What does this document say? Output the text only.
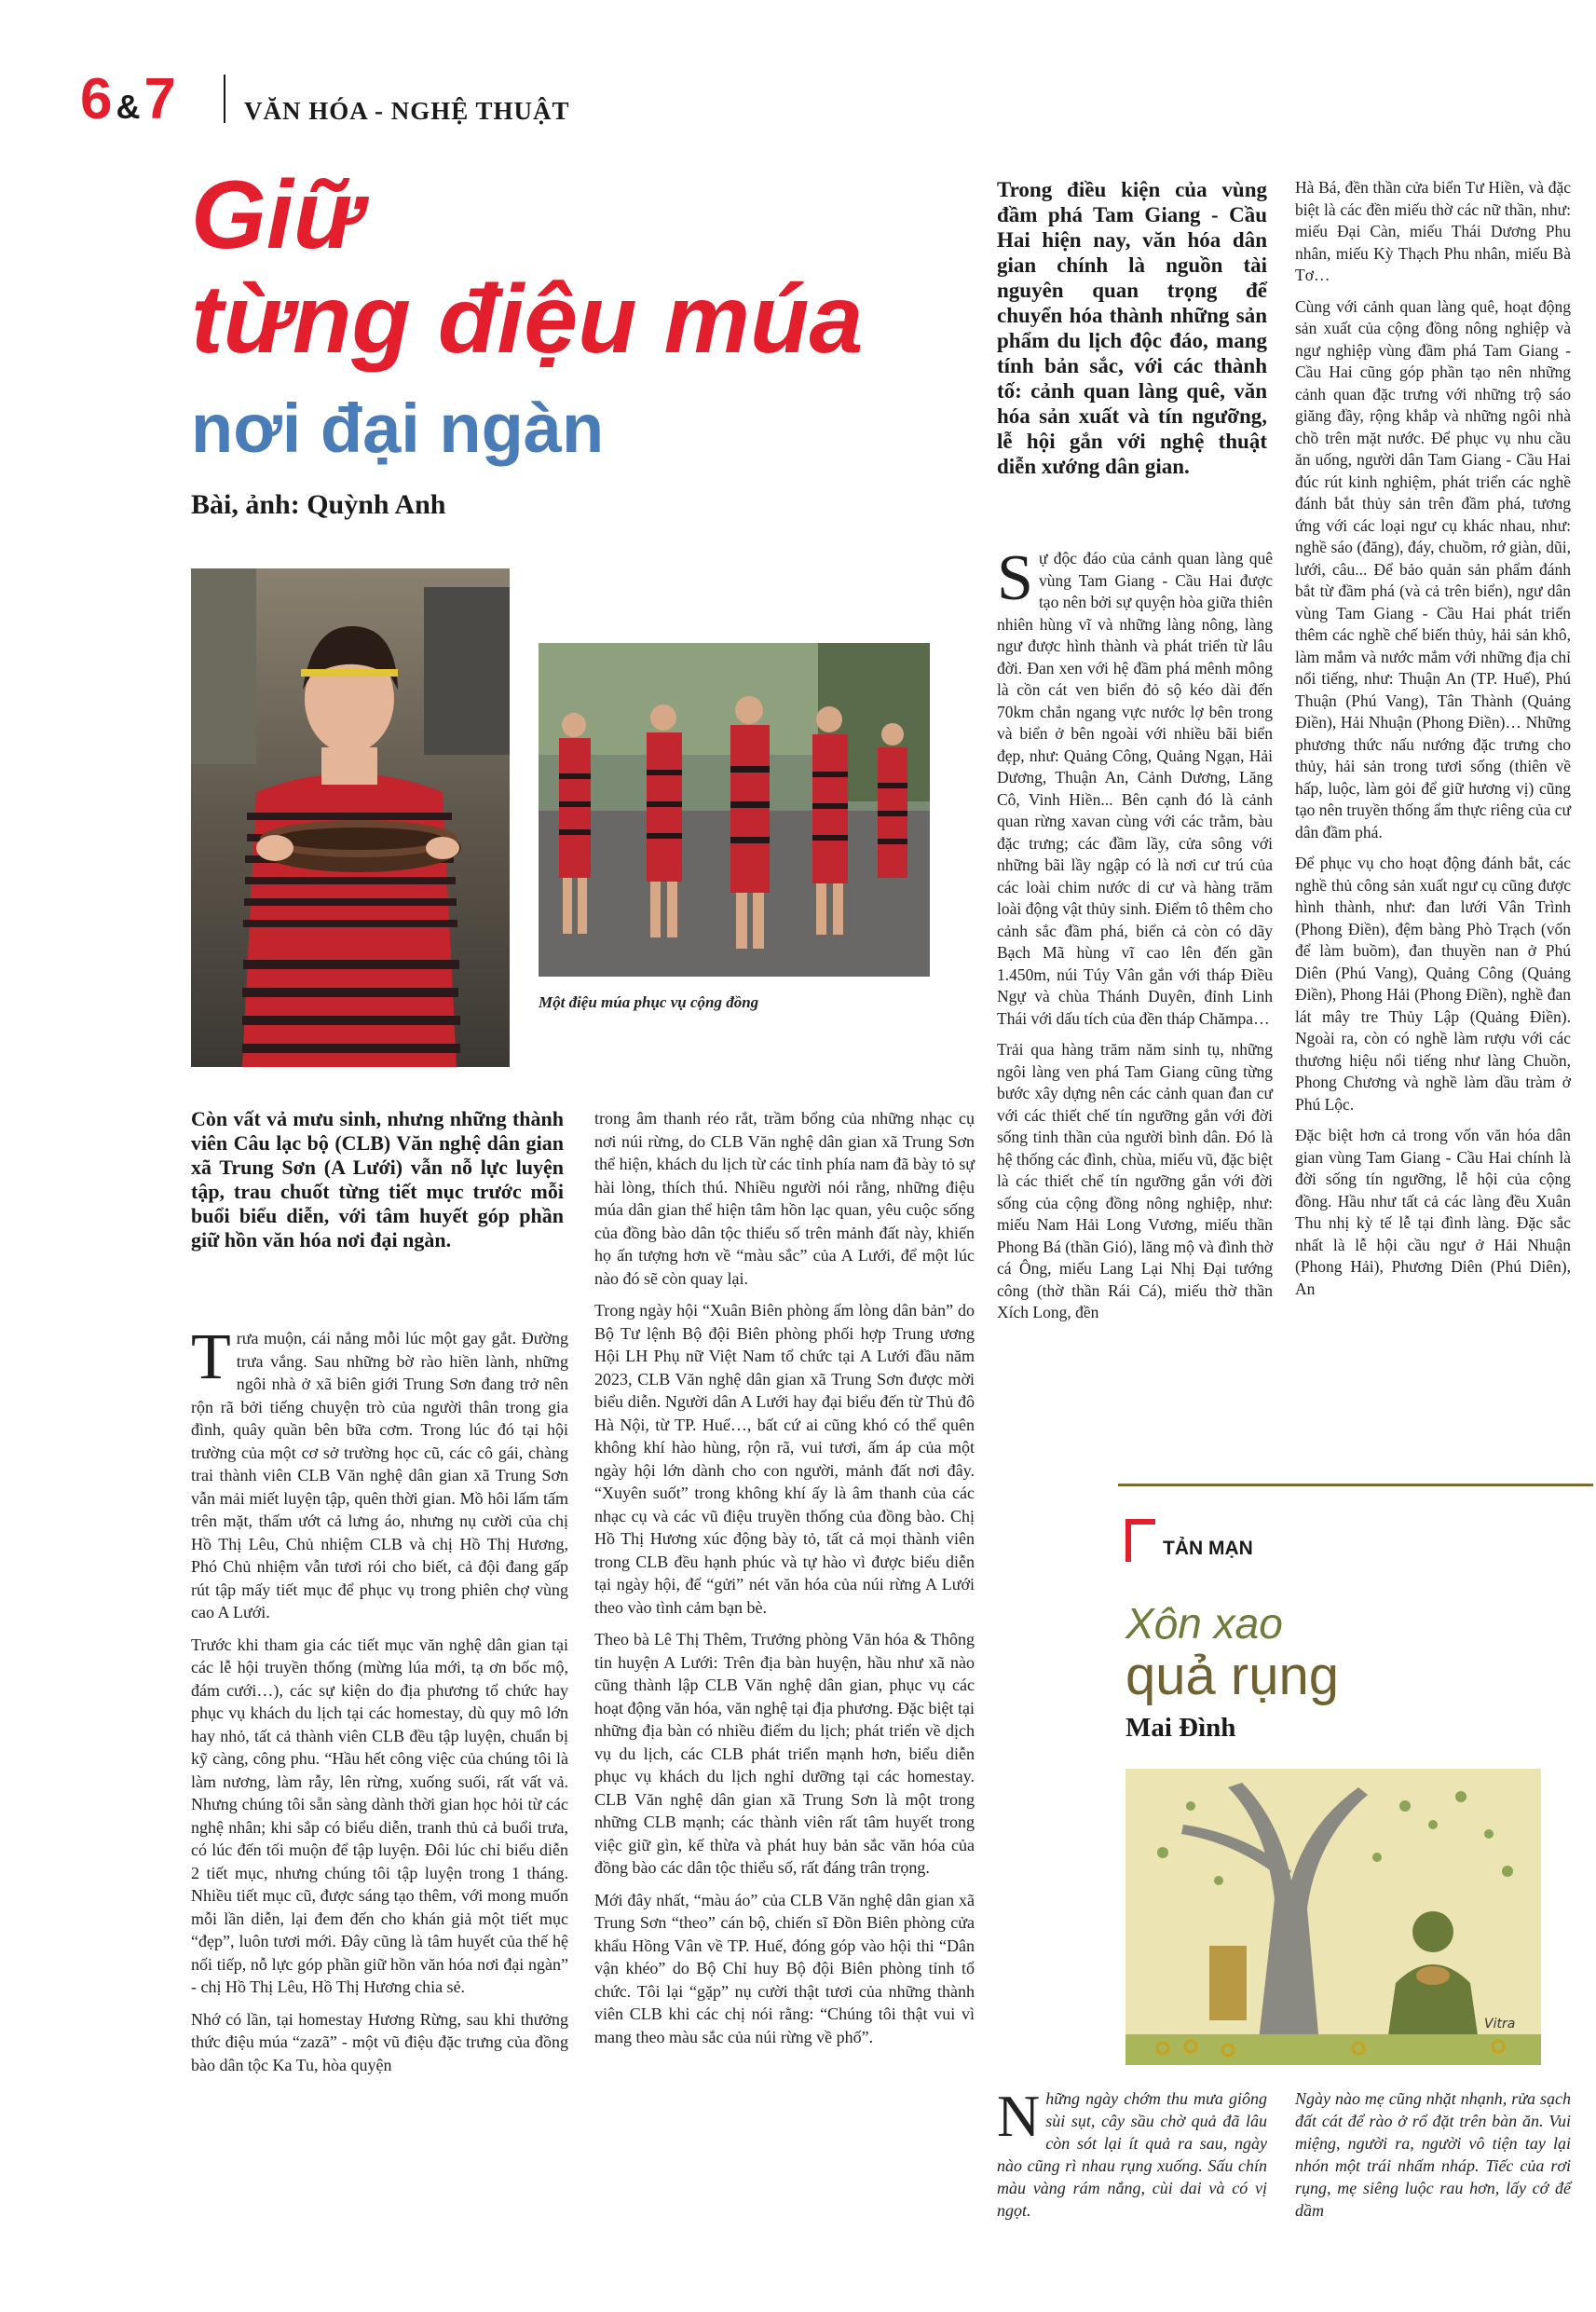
6 &7	VĂN HÓA - NGHỆ THUẬT
Giữ
từng điệu múa
nơi đại ngàn
Bài, ảnh: Quỳnh Anh
Một điệu múa phục vụ cộng đồng
Còn vất vả mưu sinh, nhưng những thành viên Câu lạc bộ (CLB) Văn nghệ dân gian xã Trung Sơn (A Lưới) vẫn nỗ lực luyện tập, trau chuốt từng tiết mục trước mỗi buổi biểu diễn, với tâm huyết góp phần giữ hồn văn hóa nơi đại ngàn.

Trưa muộn, cái nắng mỗi lúc một gay gắt. Đường trưa vắng. Sau những bờ rào hiền lành, những ngôi nhà ở xã biên giới Trung Sơn đang trở nên rộn rã bởi tiếng chuyện trò của người thân trong gia đình, quây quần bên bữa cơm. Trong lúc đó tại hội trường của một cơ sở trường học cũ, các cô gái, chàng trai thành viên CLB Văn nghệ dân gian xã Trung Sơn vẫn mải miết luyện tập, quên thời gian. Mồ hôi lấm tấm trên mặt, thấm ướt cả lưng áo, nhưng nụ cười của chị Hồ Thị Lêu, Chủ nhiệm CLB và chị Hồ Thị Hương, Phó Chủ nhiệm vẫn tươi rói cho biết, cả đội đang gấp rút tập mấy tiết mục để phục vụ trong phiên chợ vùng cao A Lưới.

Trước khi tham gia các tiết mục văn nghệ dân gian tại các lễ hội truyền thống (mừng lúa mới, tạ ơn bốc mộ, đám cưới…), các sự kiện do địa phương tổ chức hay phục vụ khách du lịch tại các homestay, dù quy mô lớn hay nhỏ, tất cả thành viên CLB đều tập luyện, chuẩn bị kỹ càng, công phu. “Hầu hết công việc của chúng tôi là làm nương, làm rẫy, lên rừng, xuống suối, rất vất vả. Nhưng chúng tôi sẵn sàng dành thời gian học hỏi từ các nghệ nhân; khi sắp có biểu diễn, tranh thủ cả buổi trưa, có lúc đến tối muộn để tập luyện. Đôi lúc chỉ biểu diễn 2 tiết mục, nhưng chúng tôi tập luyện trong 1 tháng. Nhiều tiết mục cũ, được sáng tạo thêm, với mong muốn mỗi lần diễn, lại đem đến cho khán giả một tiết mục “đẹp”, luôn tươi mới. Đây cũng là tâm huyết của thế hệ nối tiếp, nỗ lực góp phần giữ hồn văn hóa nơi đại ngàn” - chị Hồ Thị Lêu, Hồ Thị Hương chia sẻ.

Nhớ có lần, tại homestay Hương Rừng, sau khi thưởng thức điệu múa “zazã” - một vũ điệu đặc trưng của đồng bào dân tộc Ka Tu, hòa quyện

trong âm thanh réo rắt, trầm bổng của những nhạc cụ nơi núi rừng, do CLB Văn nghệ dân gian xã Trung Sơn thể hiện, khách du lịch từ các tỉnh phía nam đã bày tỏ sự hài lòng, thích thú. Nhiều người nói rằng, những điệu múa dân gian thể hiện tâm hồn lạc quan, yêu cuộc sống của đồng bào dân tộc thiểu số trên mảnh đất này, khiến họ ấn tượng hơn về “màu sắc” của A Lưới, để một lúc nào đó sẽ còn quay lại.

Trong ngày hội “Xuân Biên phòng ấm lòng dân bản” do Bộ Tư lệnh Bộ đội Biên phòng phối hợp Trung ương Hội LH Phụ nữ Việt Nam tổ chức tại A Lưới đầu năm 2023, CLB Văn nghệ dân gian xã Trung Sơn được mời biểu diễn. Người dân A Lưới hay đại biểu đến từ Thủ đô Hà Nội, từ TP. Huế…, bất cứ ai cũng khó có thể quên không khí hào hùng, rộn rã, vui tươi, ấm áp của một ngày hội lớn dành cho con người, mảnh đất nơi đây. “Xuyên suốt” trong không khí ấy là âm thanh của các nhạc cụ và các vũ điệu truyền thống của đồng bào. Chị Hồ Thị Hương xúc động bày tỏ, tất cả mọi thành viên trong CLB đều hạnh phúc và tự hào vì được biểu diễn tại ngày hội, để “gửi” nét văn hóa của núi rừng A Lưới theo vào tình cảm bạn bè.

Theo bà Lê Thị Thêm, Trưởng phòng Văn hóa & Thông tin huyện A Lưới: Trên địa bàn huyện, hầu như xã nào cũng thành lập CLB Văn nghệ dân gian, phục vụ các hoạt động văn hóa, văn nghệ tại địa phương. Đặc biệt tại những địa bàn có nhiều điểm du lịch; phát triển về dịch vụ du lịch, các CLB phát triển mạnh hơn, biểu diễn phục vụ khách du lịch nghỉ dưỡng tại các homestay. CLB Văn nghệ dân gian xã Trung Sơn là một trong những CLB mạnh; các thành viên rất tâm huyết trong việc giữ gìn, kế thừa và phát huy bản sắc văn hóa của đồng bào các dân tộc thiểu số, rất đáng trân trọng.

Mới đây nhất, “màu áo” của CLB Văn nghệ dân gian xã Trung Sơn “theo” cán bộ, chiến sĩ Đồn Biên phòng cửa khẩu Hồng Vân về TP. Huế, đóng góp vào hội thi “Dân vận khéo” do Bộ Chỉ huy Bộ đội Biên phòng tỉnh tổ chức. Tôi lại “gặp” nụ cười thật tươi của những thành viên CLB khi các chị nói rằng: “Chúng tôi thật vui vì mang theo màu sắc của núi rừng về phố”.

Trong điều kiện của vùng đầm phá Tam Giang - Cầu Hai hiện nay, văn hóa dân gian chính là nguồn tài nguyên quan trọng để chuyển hóa thành những sản phẩm du lịch độc đáo, mang tính bản sắc, với các thành tố: cảnh quan làng quê, văn hóa sản xuất và tín ngưỡng, lễ hội gắn với nghệ thuật diễn xướng dân gian.

Sự độc đáo của cảnh quan làng quê vùng Tam Giang - Cầu Hai được tạo nên bởi sự quyện hòa giữa thiên nhiên hùng vĩ và những làng nông, làng ngư được hình thành và phát triển từ lâu đời. Đan xen với hệ đầm phá mênh mông là cồn cát ven biển đỏ sộ kéo dài đến 70km chắn ngang vực nước lợ bên trong và biển ở bên ngoài với nhiều bãi biển đẹp, như: Quảng Công, Quảng Ngạn, Hải Dương, Thuận An, Cảnh Dương, Lăng Cô, Vinh Hiền... Bên cạnh đó là cảnh quan rừng xavan cùng với các trằm, bàu đặc trưng; các đầm lầy, cửa sông với những bãi lầy ngập có là nơi cư trú của các loài chim nước di cư và hàng trăm loài động vật thủy sinh. Điểm tô thêm cho cảnh sắc đầm phá, biển cả còn có dãy Bạch Mã hùng vĩ cao lên đến gần 1.450m, núi Túy Vân gắn với tháp Điều Ngự và chùa Thánh Duyên, đỉnh Linh Thái với dấu tích của đền tháp Chămpa…

Trải qua hàng trăm năm sinh tụ, những ngôi làng ven phá Tam Giang cũng từng bước xây dựng nên các cảnh quan đan cư với các thiết chế tín ngưỡng gắn với đời sống tinh thần của người bình dân. Đó là hệ thống các đình, chùa, miếu vũ, đặc biệt là các thiết chế tín ngưỡng gắn với đời sống của cộng đồng nông nghiệp, như: miếu Nam Hải Long Vương, miếu thần Phong Bá (thần Gió), lăng mộ và đình thờ cá Ông, miếu Lang Lại Nhị Đại tướng công (thờ thần Rái Cá), miếu thờ thần Xích Long, đền

Hà Bá, đền thần cửa biển Tư Hiền, và đặc biệt là các đền miếu thờ các nữ thần, như: miếu Đại Càn, miếu Thái Dương Phu nhân, miếu Kỳ Thạch Phu nhân, miếu Bà Tơ…

Cùng với cảnh quan làng quê, hoạt động sản xuất của cộng đồng nông nghiệp và ngư nghiệp vùng đầm phá Tam Giang - Cầu Hai cũng góp phần tạo nên những cảnh quan đặc trưng với những trộ sáo giăng đầy, rộng khắp và những ngôi nhà chồ trên mặt nước. Để phục vụ nhu cầu ăn uống, người dân Tam Giang - Cầu Hai đúc rút kinh nghiệm, phát triển các nghề đánh bắt thủy sản trên đầm phá, tương ứng với các loại ngư cụ khác nhau, như: nghề sáo (đăng), đáy, chuồm, rớ giàn, dũi, lưới, câu... Để bảo quản sản phẩm đánh bắt từ đầm phá (và cả trên biển), ngư dân vùng Tam Giang - Cầu Hai phát triển thêm các nghề chế biến thủy, hải sản khô, làm mắm và nước mắm với những địa chỉ nổi tiếng, như: Thuận An (TP. Huế), Phú Thuận (Phú Vang), Tân Thành (Quảng Điền), Hải Nhuận (Phong Điền)… Những phương thức nấu nướng đặc trưng cho thủy, hải sản trong tươi sống (thiên về hấp, luộc, làm gỏi để giữ hương vị) cũng tạo nên truyền thống ẩm thực riêng của cư dân đầm phá.

Để phục vụ cho hoạt động đánh bắt, các nghề thủ công sản xuất ngư cụ cũng được hình thành, như: đan lưới Vân Trình (Phong Điền), đệm bàng Phò Trạch (vốn để làm buồm), đan thuyền nan ở Phú Diên (Phú Vang), Quảng Công (Quảng Điền), Phong Hải (Phong Điền), nghề đan lát mây tre Thủy Lập (Quảng Điền). Ngoài ra, còn có nghề làm rượu với các thương hiệu nổi tiếng như làng Chuồn, Phong Chương và nghề làm dầu tràm ở Phú Lộc.

Đặc biệt hơn cả trong vốn văn hóa dân gian vùng Tam Giang - Cầu Hai chính là đời sống tín ngưỡng, lễ hội của cộng đồng. Hầu như tất cả các làng đều Xuân Thu nhị kỳ tế lễ tại đình làng. Đặc sắc nhất là lễ hội cầu ngư ở Hải Nhuận (Phong Hải), Phương Diên (Phú Diên), An

TẢN MẠN
Xôn xao
quả rụng
Mai Đình
Vitra
Những ngày chớm thu mưa giông sùi sụt, cây sầu chờ quả đã lâu còn sót lại ít quả ra sau, ngày nào cũng rì nhau rụng xuống. Sấu chín màu vàng rám nắng, cùi dai và có vị ngọt.
Ngày nào mẹ cũng nhặt nhạnh, rửa sạch đất cát để rào ở rổ đặt trên bàn ăn. Vui miệng, người ra, người vô tiện tay lại nhón một trái nhấm nháp. Tiếc của rơi rụng, mẹ siêng luộc rau hơn, lấy cớ để dầm
